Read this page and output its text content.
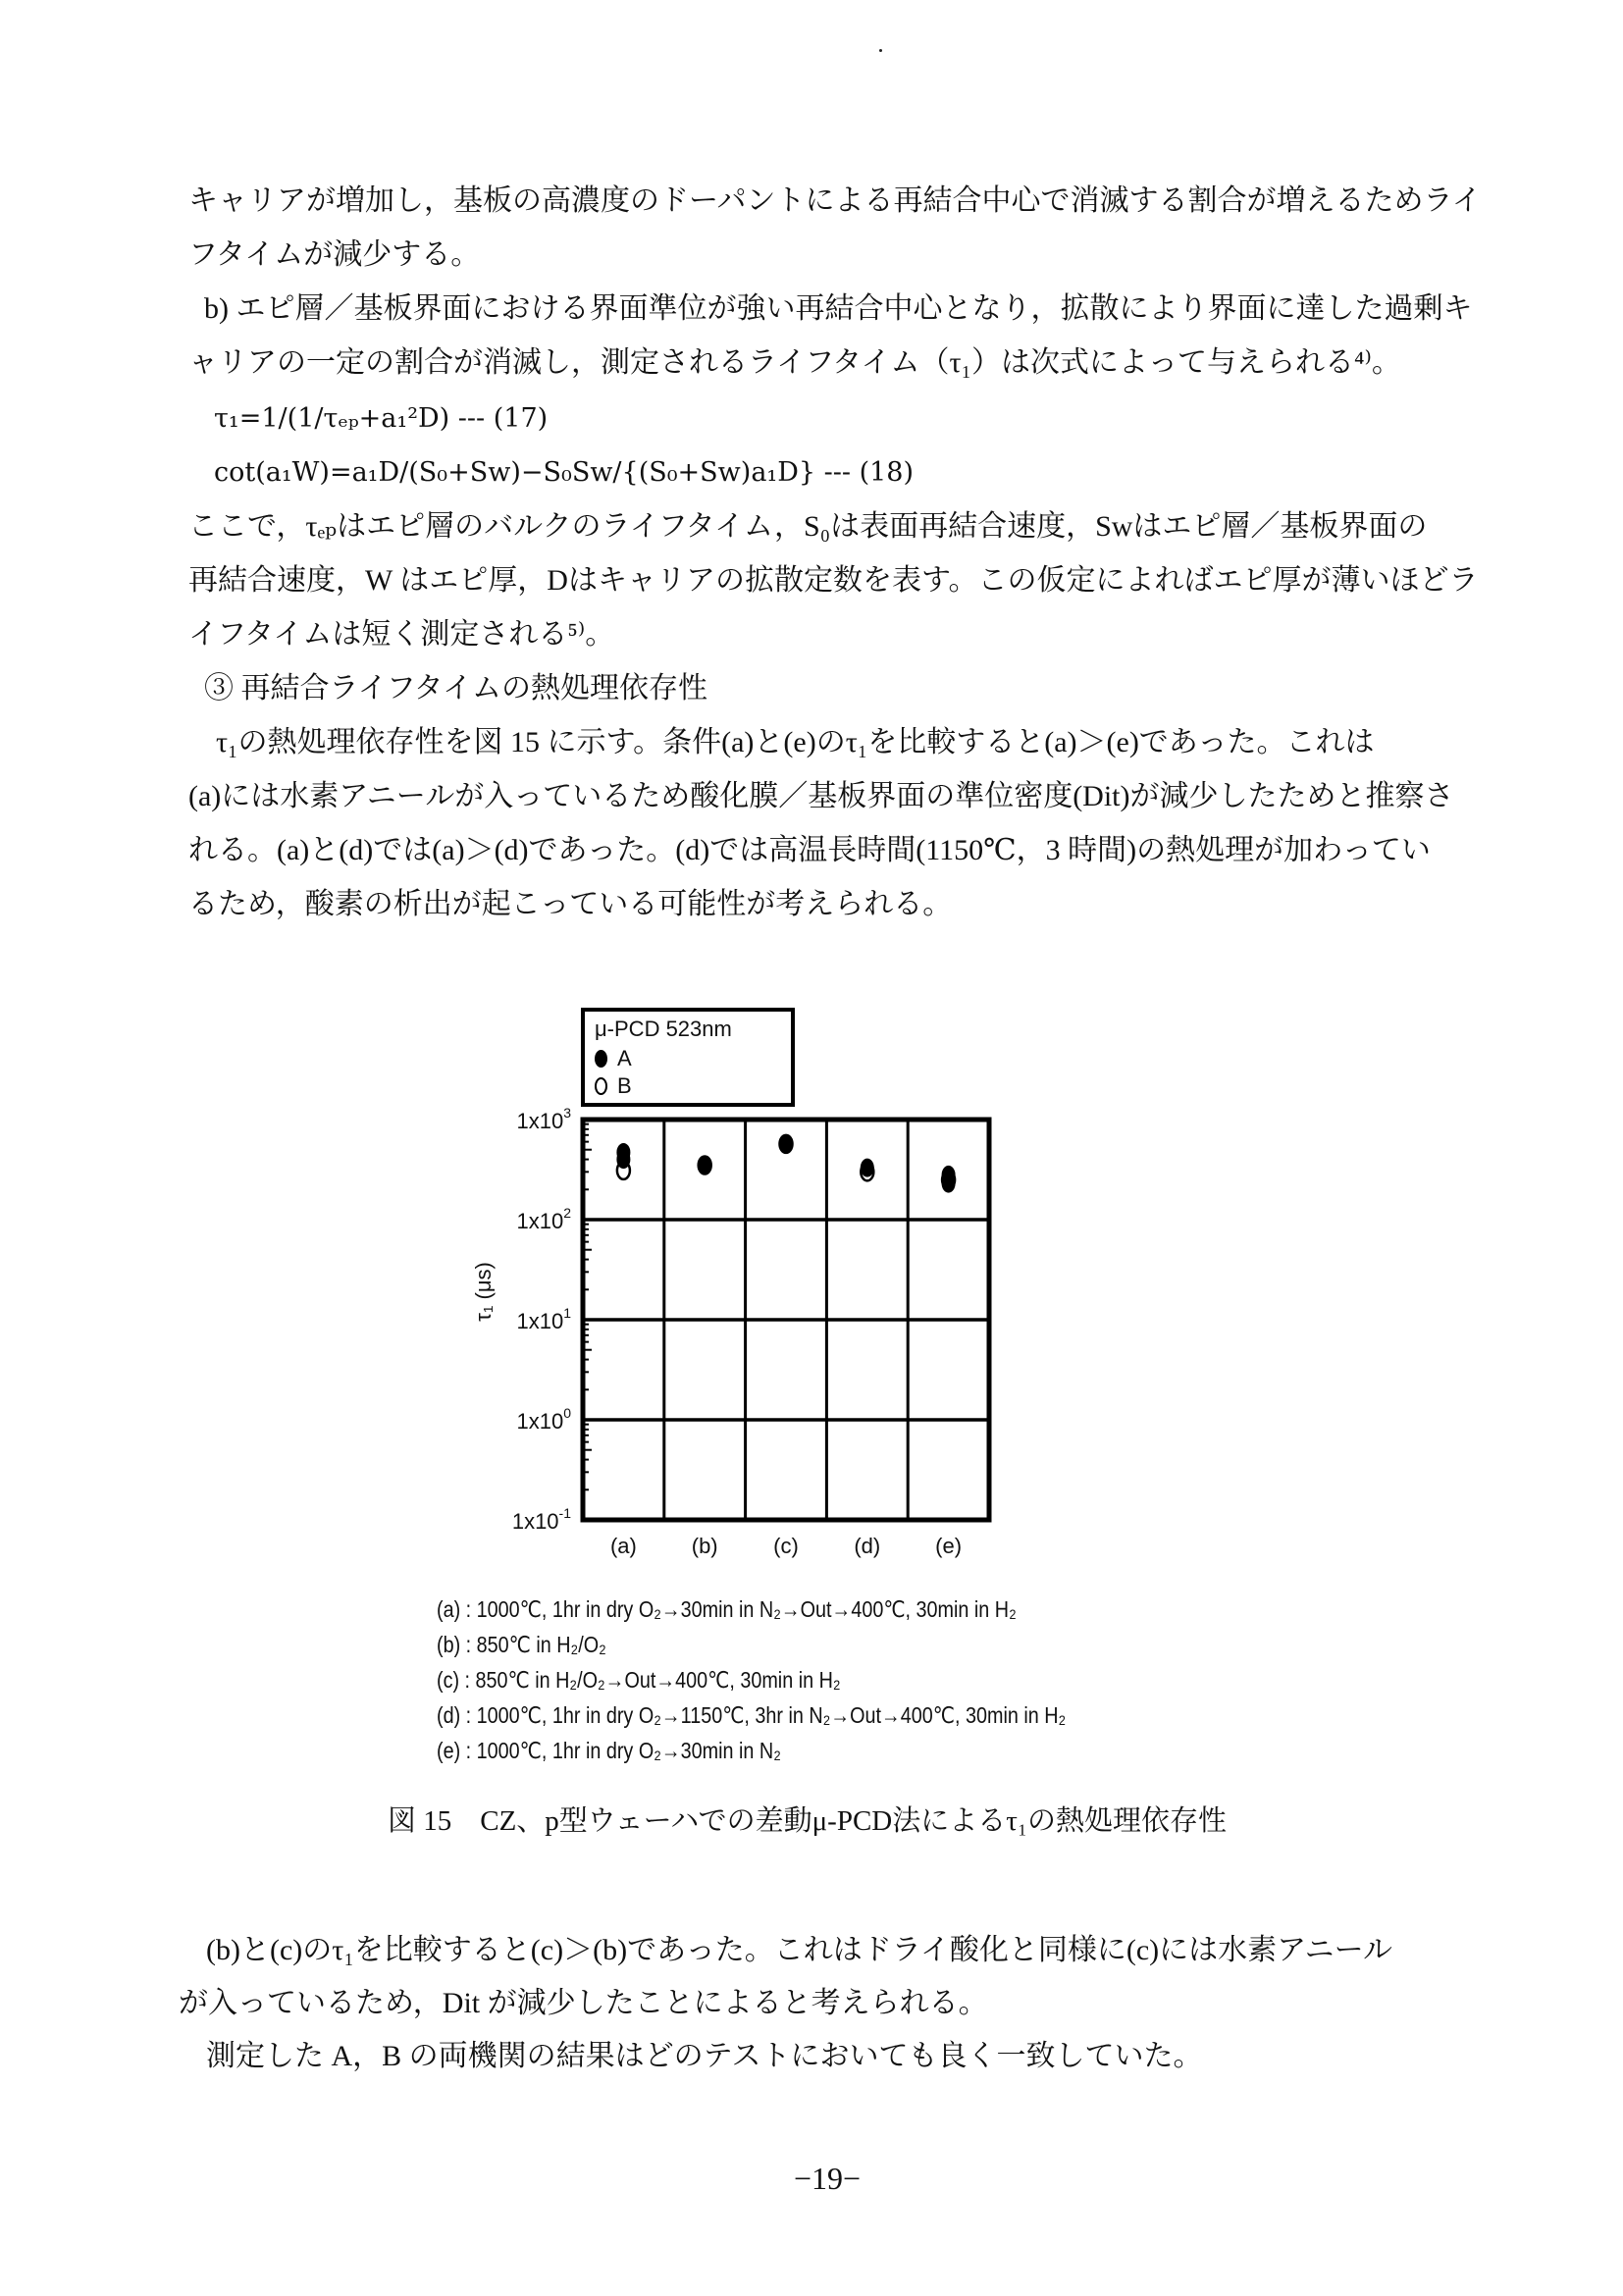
キャリアが増加し，基板の高濃度のドーパントによる再結合中心で消滅する割合が増えるためライ
フタイムが減少する。
b) エピ層／基板界面における界面準位が強い再結合中心となり，拡散により界面に達した過剰キ
ャリアの一定の割合が消滅し，測定されるライフタイム（τ₁）は次式によって与えられる⁴⁾。
τ₁=1/(1/τₑₚ+a₁²D) --- (17)
cot(a₁W)=a₁D/(S₀+Sw)−S₀Sw/{(S₀+Sw)a₁D} --- (18)
ここで，τₑₚはエピ層のバルクのライフタイム，S₀は表面再結合速度，Swはエピ層／基板界面の
再結合速度，W はエピ厚，Dはキャリアの拡散定数を表す。この仮定によればエピ厚が薄いほどラ
イフタイムは短く測定される⁵⁾。
③ 再結合ライフタイムの熱処理依存性
τ₁の熱処理依存性を図 15 に示す。条件(a)と(e)のτ₁を比較すると(a)＞(e)であった。これは
(a)には水素アニールが入っているため酸化膜／基板界面の準位密度(Dit)が減少したためと推察さ
れる。(a)と(d)では(a)＞(d)であった。(d)では高温長時間(1150℃，3 時間)の熱処理が加わってい
るため，酸素の析出が起こっている可能性が考えられる。
μ-PCD 523nm
A
B
$1x10^3$
$1x10^2$
$1x10^1$
$1x10^0$
$1x10^{-1}$
(a)	(b)	(c)	(d)	(e)
τ₁ (μs)
(a) : 1000℃, 1hr in dry O₂→30min in N₂→Out→400℃, 30min in H₂
(b) : 850℃ in H₂/O₂
(c) : 850℃ in H₂/O₂→Out→400℃, 30min in H₂
(d) : 1000℃, 1hr in dry O₂→1150℃, 3hr in N₂→Out→400℃, 30min in H₂
(e) : 1000℃, 1hr in dry O₂→30min in N₂
図 15　CZ、p型ウェーハでの差動μ-PCD法によるτ₁の熱処理依存性
(b)と(c)のτ₁を比較すると(c)＞(b)であった。これはドライ酸化と同様に(c)には水素アニール
が入っているため，Dit が減少したことによると考えられる。
測定した A，B の両機関の結果はどのテストにおいても良く一致していた。
−19−
